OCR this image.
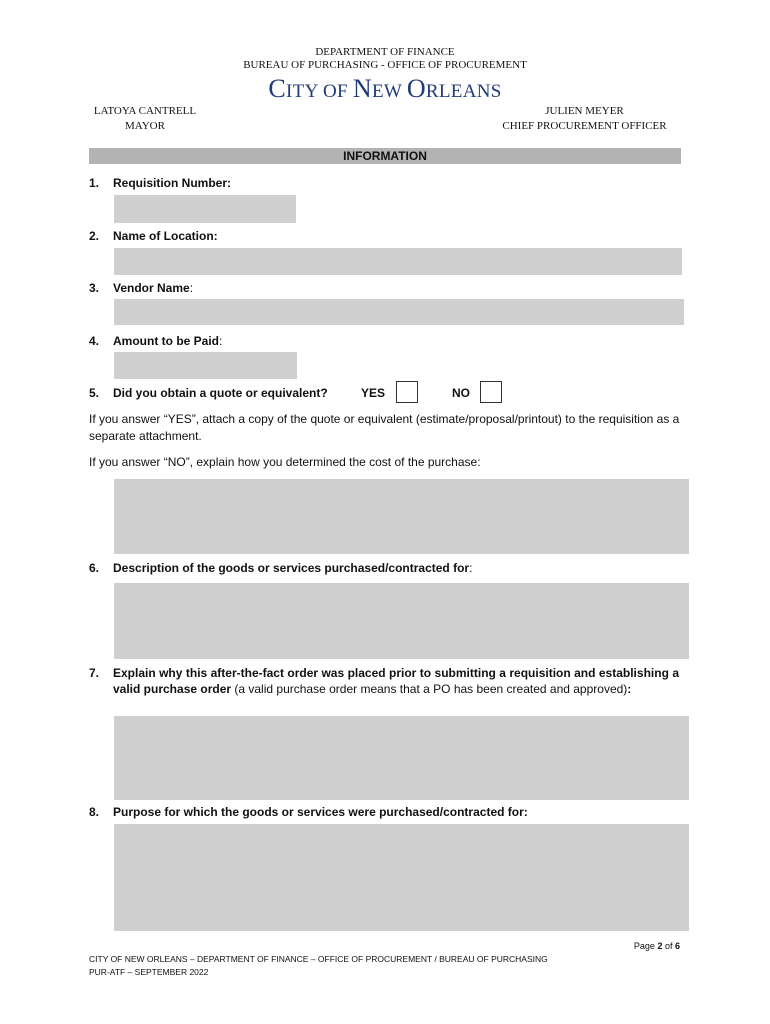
DEPARTMENT OF FINANCE
BUREAU OF PURCHASING - OFFICE OF PROCUREMENT
CITY OF NEW ORLEANS
LATOYA CANTRELL
MAYOR
JULIEN MEYER
CHIEF PROCUREMENT OFFICER
INFORMATION
1. Requisition Number:
2. Name of Location:
3. Vendor Name:
4. Amount to be Paid:
5. Did you obtain a quote or equivalent?	YES	NO
If you answer “YES”, attach a copy of the quote or equivalent (estimate/proposal/printout) to the requisition as a separate attachment.
If you answer “NO”, explain how you determined the cost of the purchase:
6. Description of the goods or services purchased/contracted for:
7. Explain why this after-the-fact order was placed prior to submitting a requisition and establishing a valid purchase order (a valid purchase order means that a PO has been created and approved):
8. Purpose for which the goods or services were purchased/contracted for:
Page 2 of 6
CITY OF NEW ORLEANS – DEPARTMENT OF FINANCE – OFFICE OF PROCUREMENT / BUREAU OF PURCHASING
PUR-ATF – SEPTEMBER 2022
